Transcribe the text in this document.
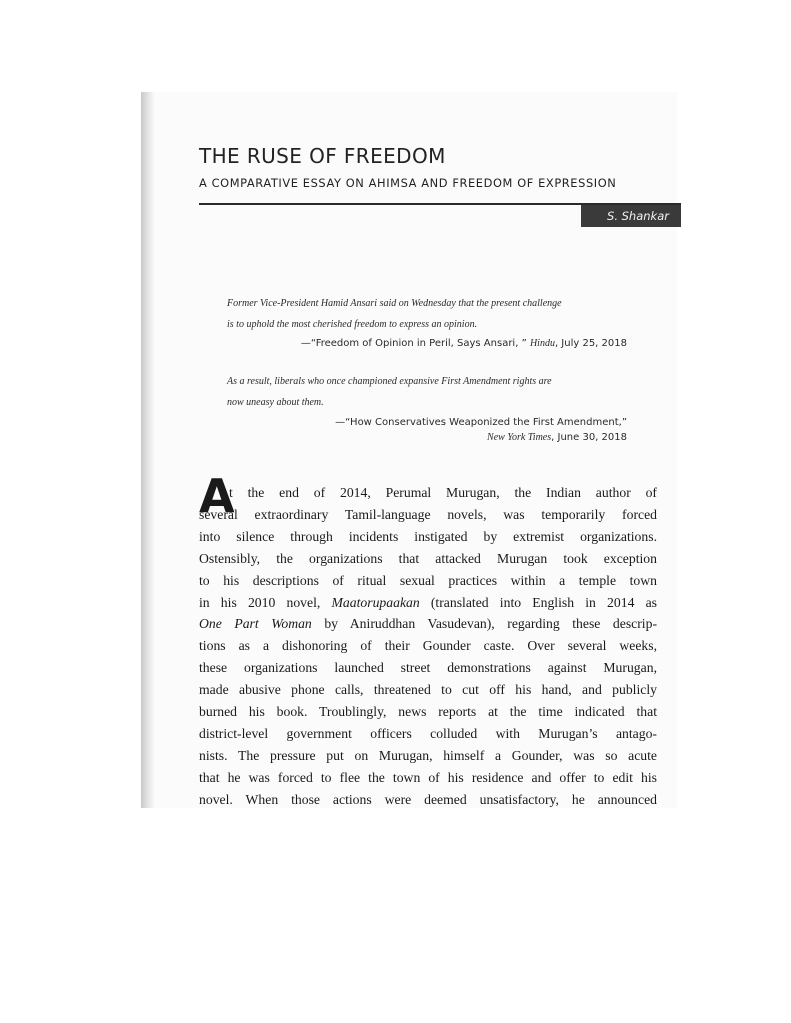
THE RUSE OF FREEDOM
A COMPARATIVE ESSAY ON AHIMSA AND FREEDOM OF EXPRESSION
S. Shankar

Former Vice-President Hamid Ansari said on Wednesday that the present challenge
is to uphold the most cherished freedom to express an opinion.

—“Freedom of Opinion in Peril, Says Ansari, ” Hindu, July 25, 2018

As a result, liberals who once championed expansive First Amendment rights are
now uneasy about them.

—“How Conservatives Weaponized the First Amendment,”
New York Times, June 30, 2018
A
t the end of 2014, Perumal Murugan, the Indian author of
several extraordinary Tamil-language novels, was temporarily forced
into silence through incidents instigated by extremist organizations.
Ostensibly, the organizations that attacked Murugan took exception
to his descriptions of ritual sexual practices within a temple town
in his 2010 novel, Maatorupaakan (translated into English in 2014 as
One Part Woman by Aniruddhan Vasudevan), regarding these descrip-
tions as a dishonoring of their Gounder caste. Over several weeks,
these organizations launched street demonstrations against Murugan,
made abusive phone calls, threatened to cut off his hand, and publicly
burned his book. Troublingly, news reports at the time indicated that
district-level government officers colluded with Murugan’s antago-
nists. The pressure put on Murugan, himself a Gounder, was so acute
that he was forced to flee the town of his residence and offer to edit his
novel. When those actions were deemed unsatisfactory, he announced
